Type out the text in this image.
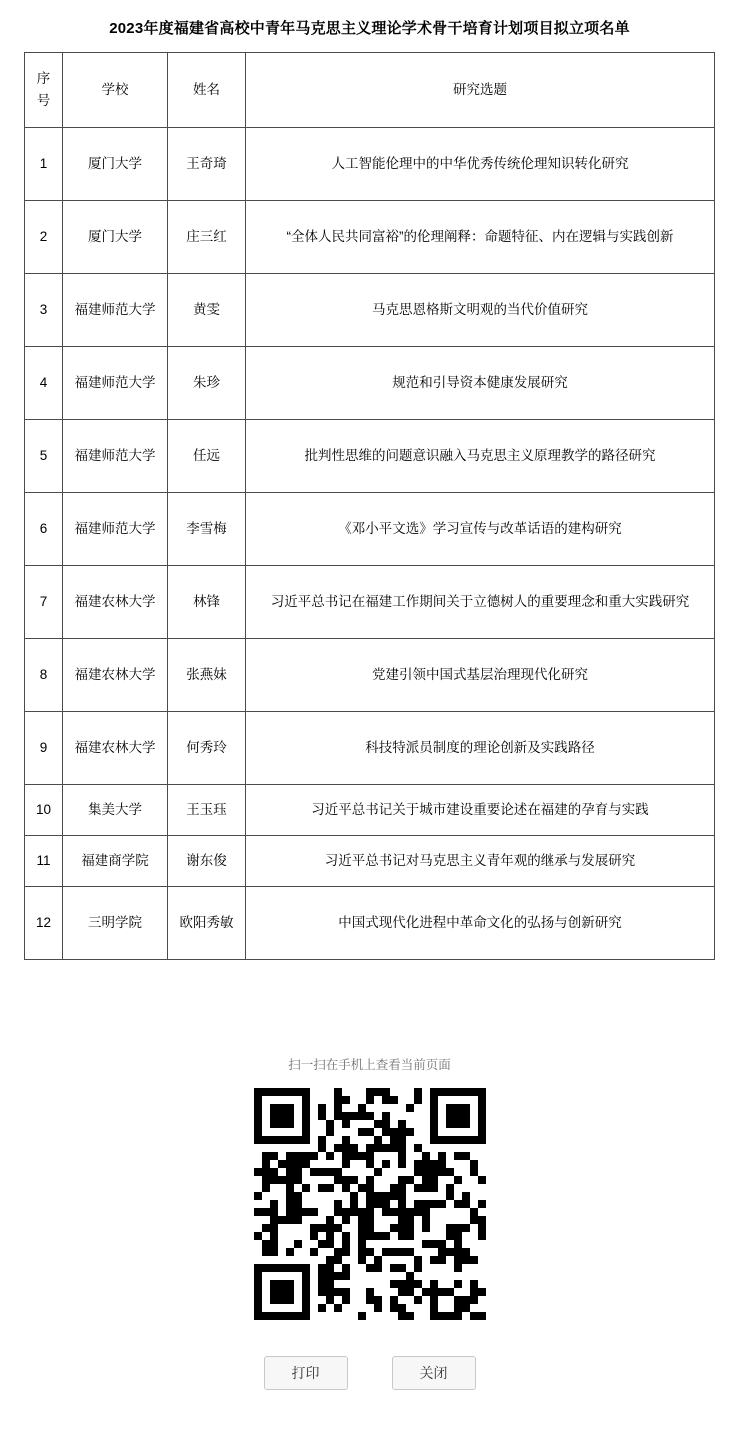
2023年度福建省高校中青年马克思主义理论学术骨干培育计划项目拟立项名单
序号	学校	姓名	研究选题
1	厦门大学	王奇琦	人工智能伦理中的中华优秀传统伦理知识转化研究
2	厦门大学	庄三红	“全体人民共同富裕”的伦理阐释：命题特征、内在逻辑与实践创新
3	福建师范大学	黄雯	马克思恩格斯文明观的当代价值研究
4	福建师范大学	朱珍	规范和引导资本健康发展研究
5	福建师范大学	任远	批判性思维的问题意识融入马克思主义原理教学的路径研究
6	福建师范大学	李雪梅	《邓小平文选》学习宣传与改革话语的建构研究
7	福建农林大学	林锋	习近平总书记在福建工作期间关于立德树人的重要理念和重大实践研究
8	福建农林大学	张燕妹	党建引领中国式基层治理现代化研究
9	福建农林大学	何秀玲	科技特派员制度的理论创新及实践路径
10	集美大学	王玉珏	习近平总书记关于城市建设重要论述在福建的孕育与实践
11	福建商学院	谢东俊	习近平总书记对马克思主义青年观的继承与发展研究
12	三明学院	欧阳秀敏	中国式现代化进程中革命文化的弘扬与创新研究
扫一扫在手机上查看当前页面
打印	关闭
